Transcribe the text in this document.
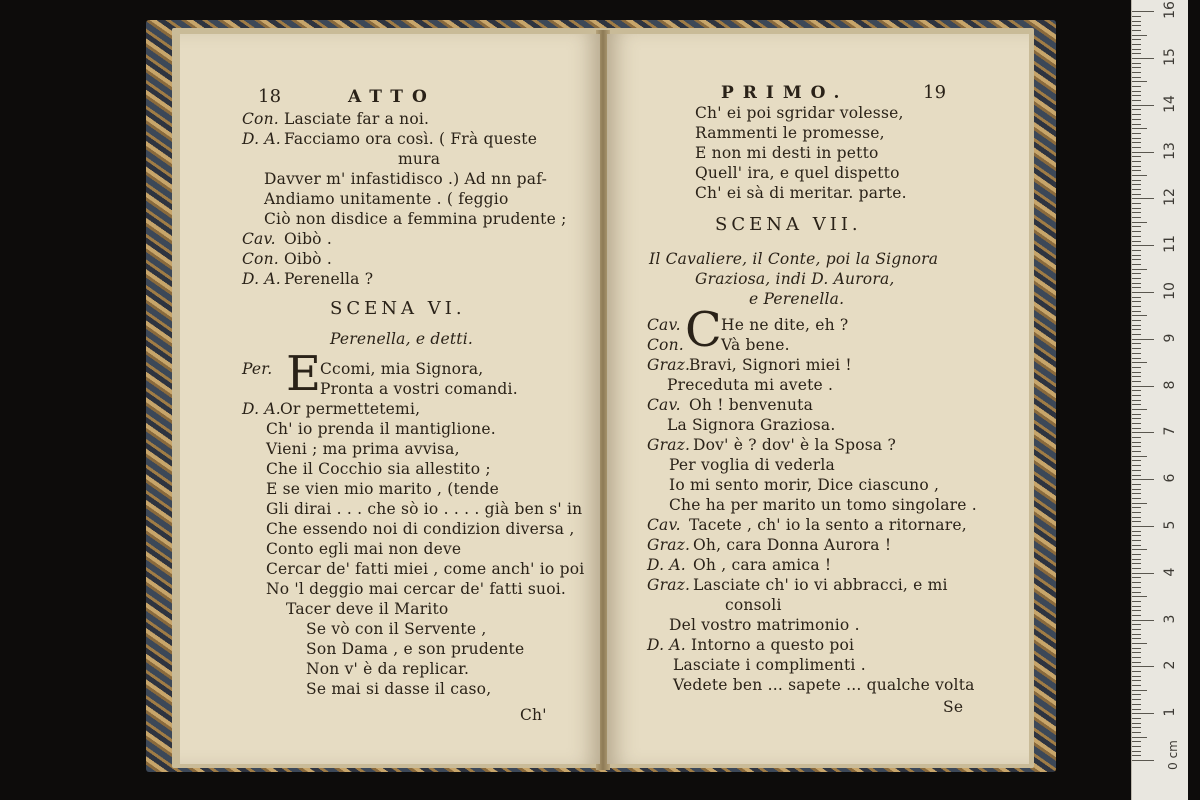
18	ATTO
Con. Lasciate far a noi.
D. A. Facciamo ora così. ( Frà queste
mura
Davver m' infastidisco .) Ad nn paf-
Andiamo unitamente . ( feggio
Ciò non disdice a femmina prudente ;
Cav. Oibò .
Con. Oibò .
D. A. Perenella ?
SCENA VI.
Perenella, e detti.
Per. E
Ccomi, mia Signora,
Pronta a vostri comandi.
D. A. Or permettetemi,
Ch' io prenda il mantiglione.
Vieni ; ma prima avvisa,
Che il Cocchio sia allestito ;
E se vien mio marito , (tende
Gli dirai . . . che sò io . . . . già ben s' in
Che essendo noi di condizion diversa ,
Conto egli mai non deve
Cercar de' fatti miei , come anch' io poi
No 'l deggio mai cercar de' fatti suoi.
Tacer deve il Marito
Se vò con il Servente ,
Son Dama , e son prudente
Non v' è da replicar.
Se mai si dasse il caso,
Ch'
PRIMO.	19
Ch' ei poi sgridar volesse,
Rammenti le promesse,
E non mi desti in petto
Quell' ira, e quel dispetto
Ch' ei sà di meritar. parte.
SCENA VII.
Il Cavaliere, il Conte, poi la Signora
Graziosa, indi D. Aurora,
e Perenella.
Cav. C He ne dite, eh ?
Con. Và bene.
Graz.
Bravi, Signori miei !
Preceduta mi avete .
Cav. Oh ! benvenuta
La Signora Graziosa.
Graz. Dov' è ? dov' è la Sposa ?
Per voglia di vederla
Io mi sento morir, Dice ciascuno ,
Che ha per marito un tomo singolare .
Cav. Tacete , ch' io la sento a ritornare,
Graz. Oh, cara Donna Aurora !
D. A. Oh , cara amica !
Graz. Lasciate ch' io vi abbracci, e mi
consoli
Del vostro matrimonio .
D. A. Intorno a questo poi
Lasciate i complimenti .
Vedete ben ... sapete ... qualche volta
Se
0 cm
1
2
3
4
5
6
7
8
9
10
11
12
13
14
15
16
